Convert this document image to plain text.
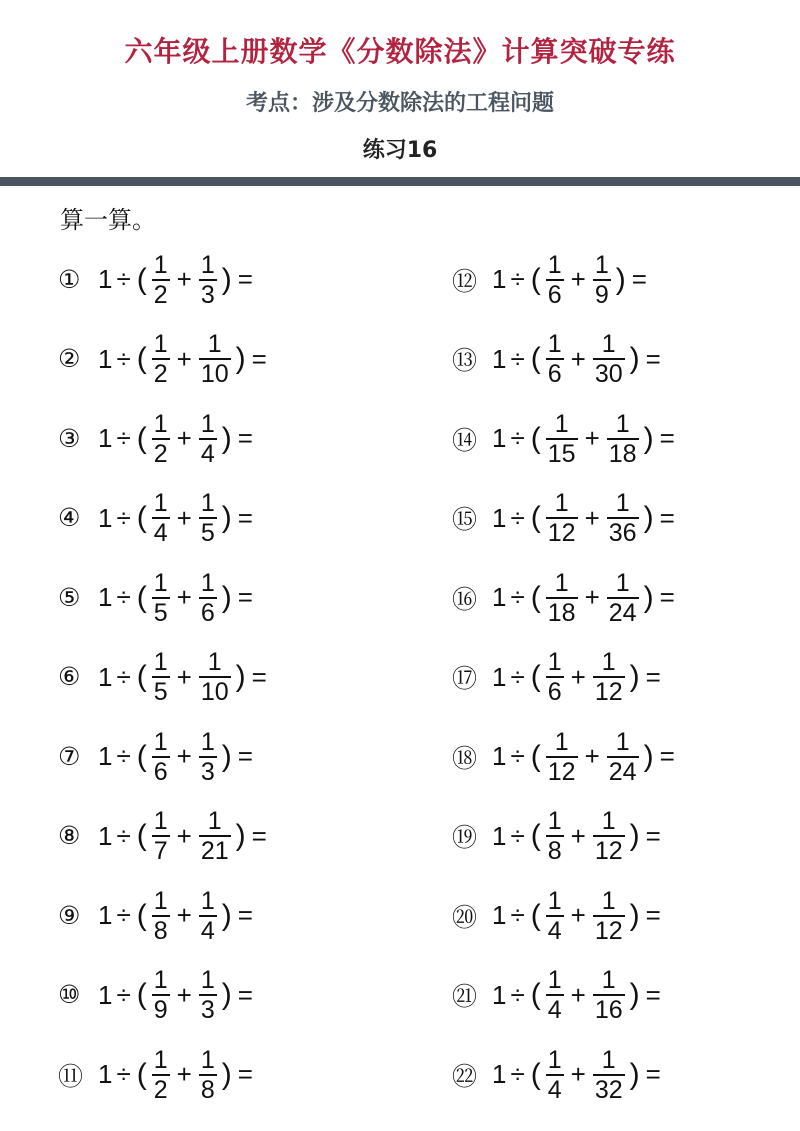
六年级上册数学《分数除法》计算突破专练
考点：涉及分数除法的工程问题
练习16
算一算。
① 1 ÷ ( $\frac{1}{2} + \frac{1}{3}$ ) =
② 1 ÷ ( $\frac{1}{2} + \frac{1}{10}$ ) =
③ 1 ÷ ( $\frac{1}{2} + \frac{1}{4}$ ) =
④ 1 ÷ ( $\frac{1}{4} + \frac{1}{5}$ ) =
⑤ 1 ÷ ( $\frac{1}{5} + \frac{1}{6}$ ) =
⑥ 1 ÷ ( $\frac{1}{5} + \frac{1}{10}$ ) =
⑦ 1 ÷ ( $\frac{1}{6} + \frac{1}{3}$ ) =
⑧ 1 ÷ ( $\frac{1}{7} + \frac{1}{21}$ ) =
⑨ 1 ÷ ( $\frac{1}{8} + \frac{1}{4}$ ) =
⑩ 1 ÷ ( $\frac{1}{9} + \frac{1}{3}$ ) =
⑪ 1 ÷ ( $\frac{1}{2} + \frac{1}{8}$ ) =
⑫ 1 ÷ ( $\frac{1}{6} + \frac{1}{9}$ ) =
⑬ 1 ÷ ( $\frac{1}{6} + \frac{1}{30}$ ) =
⑭ 1 ÷ ( $\frac{1}{15} + \frac{1}{18}$ ) =
⑮ 1 ÷ ( $\frac{1}{12} + \frac{1}{36}$ ) =
⑯ 1 ÷ ( $\frac{1}{18} + \frac{1}{24}$ ) =
⑰ 1 ÷ ( $\frac{1}{6} + \frac{1}{12}$ ) =
⑱ 1 ÷ ( $\frac{1}{12} + \frac{1}{24}$ ) =
⑲ 1 ÷ ( $\frac{1}{8} + \frac{1}{12}$ ) =
⑳ 1 ÷ ( $\frac{1}{4} + \frac{1}{12}$ ) =
㉑ 1 ÷ ( $\frac{1}{4} + \frac{1}{16}$ ) =
㉒ 1 ÷ ( $\frac{1}{4} + \frac{1}{32}$ ) =
